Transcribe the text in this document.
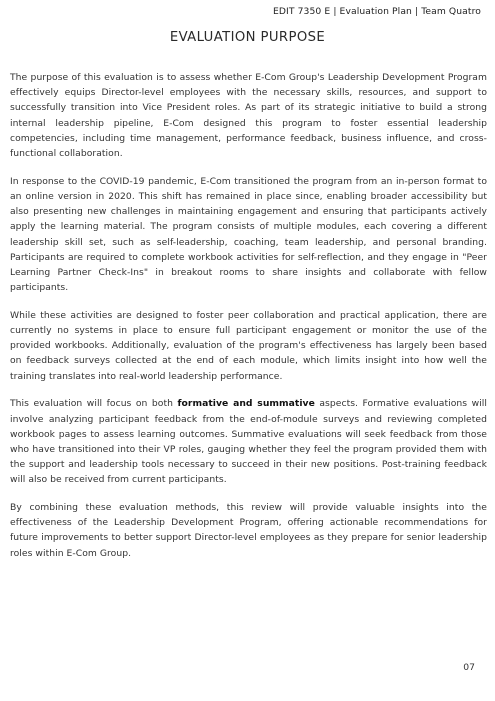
EDIT 7350 E | Evaluation Plan | Team Quatro
EVALUATION PURPOSE

The purpose of this evaluation is to assess whether E-Com Group's Leadership Development Program effectively equips Director-level employees with the necessary skills, resources, and support to successfully transition into Vice President roles. As part of its strategic initiative to build a strong internal leadership pipeline, E-Com designed this program to foster essential leadership competencies, including time management, performance feedback, business influence, and cross-functional collaboration.

In response to the COVID-19 pandemic, E-Com transitioned the program from an in-person format to an online version in 2020. This shift has remained in place since, enabling broader accessibility but also presenting new challenges in maintaining engagement and ensuring that participants actively apply the learning material. The program consists of multiple modules, each covering a different leadership skill set, such as self-leadership, coaching, team leadership, and personal branding. Participants are required to complete workbook activities for self-reflection, and they engage in "Peer Learning Partner Check-Ins" in breakout rooms to share insights and collaborate with fellow participants.

While these activities are designed to foster peer collaboration and practical application, there are currently no systems in place to ensure full participant engagement or monitor the use of the provided workbooks. Additionally, evaluation of the program's effectiveness has largely been based on feedback surveys collected at the end of each module, which limits insight into how well the training translates into real-world leadership performance.

This evaluation will focus on both formative and summative aspects. Formative evaluations will involve analyzing participant feedback from the end-of-module surveys and reviewing completed workbook pages to assess learning outcomes. Summative evaluations will seek feedback from those who have transitioned into their VP roles, gauging whether they feel the program provided them with the support and leadership tools necessary to succeed in their new positions. Post-training feedback will also be received from current participants.

By combining these evaluation methods, this review will provide valuable insights into the effectiveness of the Leadership Development Program, offering actionable recommendations for future improvements to better support Director-level employees as they prepare for senior leadership roles within E-Com Group.

07
